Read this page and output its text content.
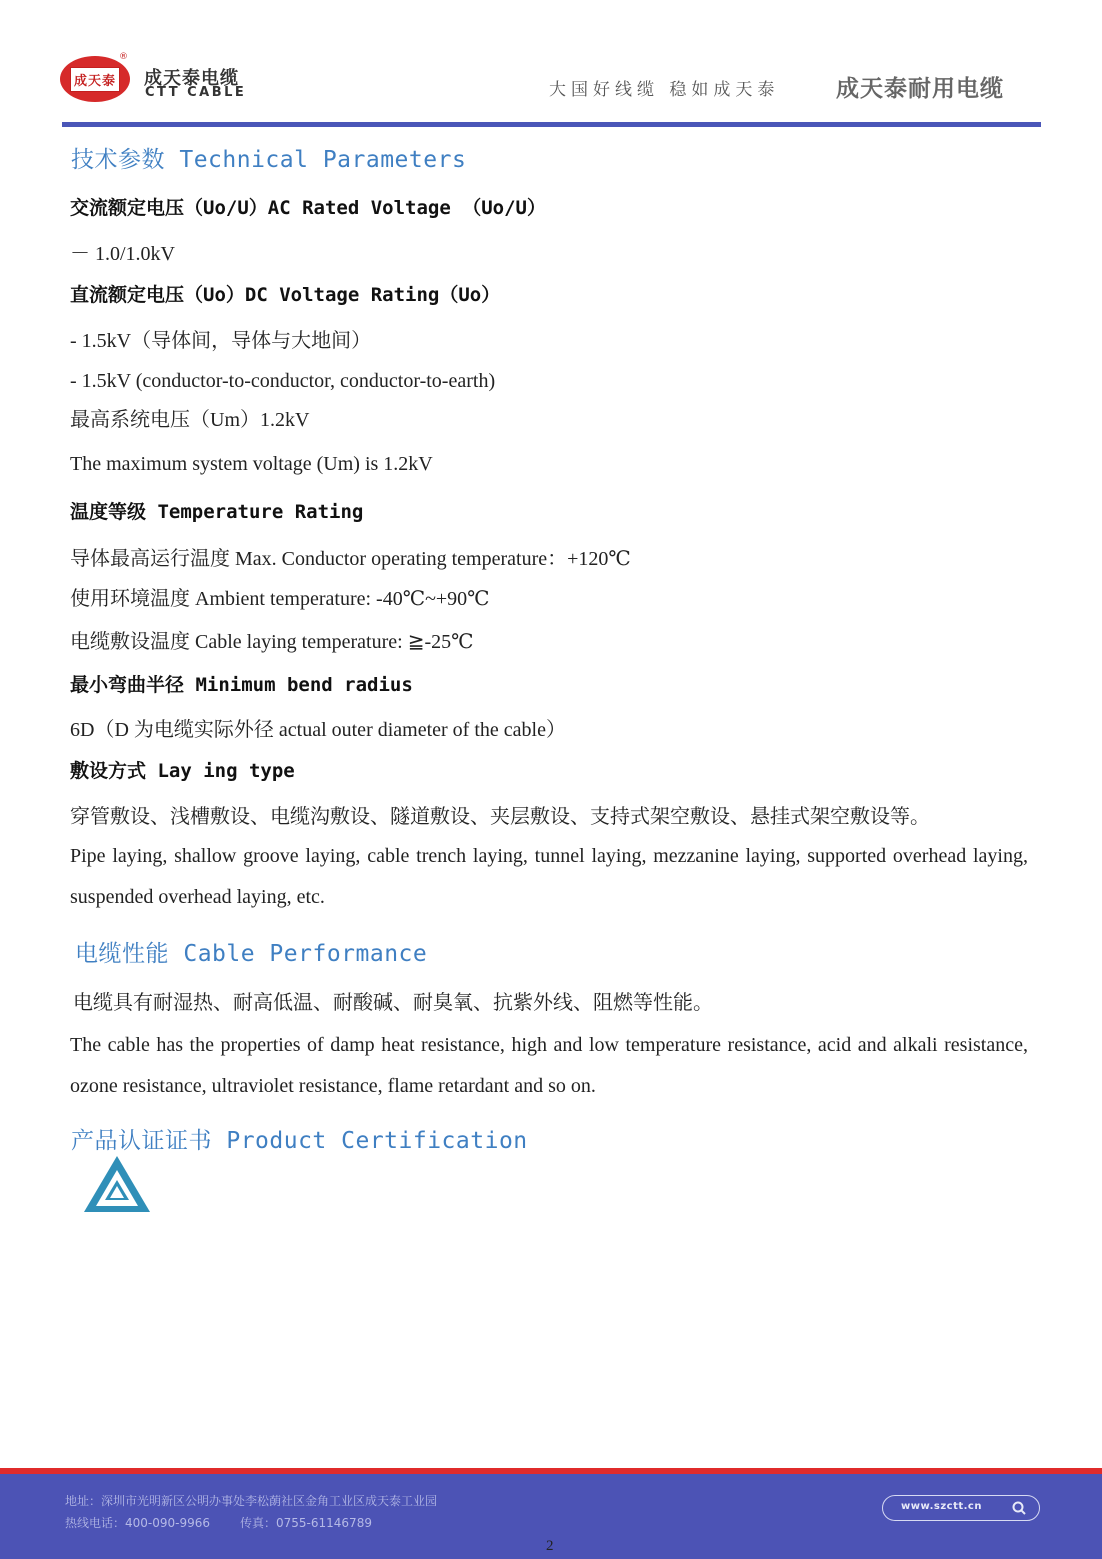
成天泰
®
成天泰电缆
CTT CABLE	大国好线缆 稳如成天泰 成天泰耐用电缆
技术参数 Technical Parameters
交流额定电压（Uo/U）AC Rated Voltage （Uo/U）
－ 1.0/1.0kV
直流额定电压（Uo）DC Voltage Rating（Uo）
- 1.5kV（导体间，导体与大地间）
- 1.5kV (conductor-to-conductor, conductor-to-earth)
最高系统电压（Um）1.2kV
The maximum system voltage (Um) is 1.2kV
温度等级 Temperature Rating
导体最高运行温度 Max. Conductor operating temperature：+120℃
使用环境温度 Ambient temperature: -40℃~+90℃
电缆敷设温度 Cable laying temperature: ≧-25℃
最小弯曲半径 Minimum bend radius
6D（D 为电缆实际外径 actual outer diameter of the cable）
敷设方式 Lay ing type
穿管敷设、浅槽敷设、电缆沟敷设、隧道敷设、夹层敷设、支持式架空敷设、悬挂式架空敷设等。
Pipe laying, shallow groove laying, cable trench laying, tunnel laying, mezzanine laying, supported overhead laying, suspended overhead laying, etc.
电缆性能 Cable Performance
电缆具有耐湿热、耐高低温、耐酸碱、耐臭氧、抗紫外线、阻燃等性能。
The cable has the properties of damp heat resistance, high and low temperature resistance, acid and alkali resistance, ozone resistance, ultraviolet resistance, flame retardant and so on.
产品认证证书 Product Certification
地址：深圳市光明新区公明办事处李松蓢社区金角工业区成天泰工业园
热线电话：400-090-9966	传真：0755-61146789
www.szctt.cn
2
